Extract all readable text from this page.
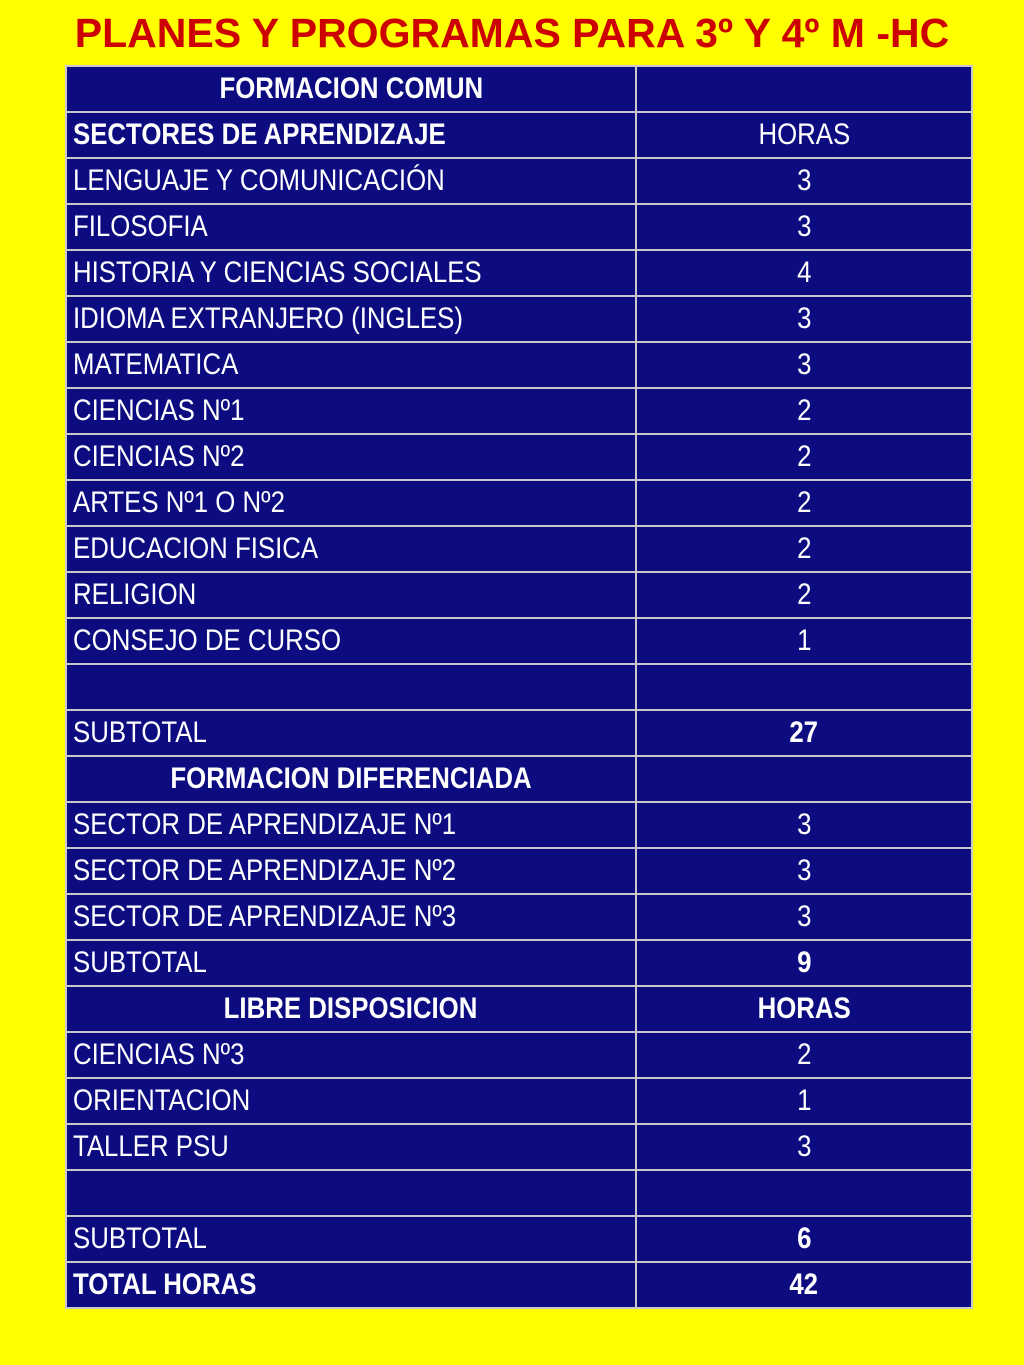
PLANES Y PROGRAMAS PARA 3º Y 4º M -HC
FORMACION COMUN	
SECTORES DE APRENDIZAJE	HORAS
LENGUAJE Y COMUNICACIÓN	3
FILOSOFIA	3
HISTORIA Y CIENCIAS SOCIALES	4
IDIOMA EXTRANJERO (INGLES)	3
MATEMATICA	3
CIENCIAS Nº1	2
CIENCIAS Nº2	2
ARTES Nº1 O Nº2	2
EDUCACION FISICA	2
RELIGION	2
CONSEJO DE CURSO	1

SUBTOTAL	27
FORMACION DIFERENCIADA	
SECTOR DE APRENDIZAJE Nº1	3
SECTOR DE APRENDIZAJE Nº2	3
SECTOR DE APRENDIZAJE Nº3	3
SUBTOTAL	9
LIBRE DISPOSICION	HORAS
CIENCIAS Nº3	2
ORIENTACION	1
TALLER PSU	3

SUBTOTAL	6
TOTAL HORAS	42
